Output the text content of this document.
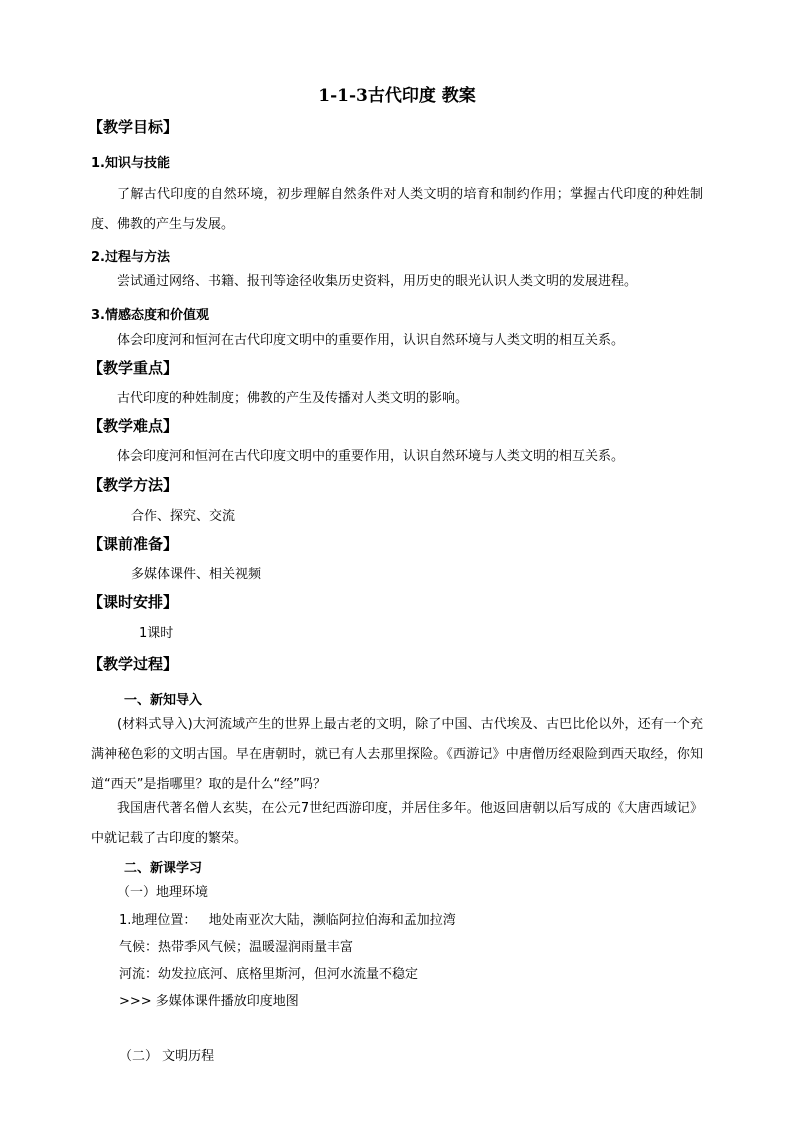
1-1-3古代印度 教案
【教学目标】
1.知识与技能
了解古代印度的自然环境，初步理解自然条件对人类文明的培育和制约作用；掌握古代印度的种姓制度、佛教的产生与发展。
2.过程与方法
尝试通过网络、书籍、报刊等途径收集历史资料，用历史的眼光认识人类文明的发展进程。
3.情感态度和价值观
体会印度河和恒河在古代印度文明中的重要作用，认识自然环境与人类文明的相互关系。
【教学重点】
古代印度的种姓制度；佛教的产生及传播对人类文明的影响。
【教学难点】
体会印度河和恒河在古代印度文明中的重要作用，认识自然环境与人类文明的相互关系。
【教学方法】
合作、探究、交流
【课前准备】
多媒体课件、相关视频
【课时安排】
1课时
【教学过程】
一、新知导入
(材料式导入)大河流域产生的世界上最古老的文明，除了中国、古代埃及、古巴比伦以外，还有一个充满神秘色彩的文明古国。早在唐朝时，就已有人去那里探险。《西游记》中唐僧历经艰险到西天取经，你知道“西天”是指哪里？取的是什么“经”吗？
我国唐代著名僧人玄奘，在公元7世纪西游印度，并居住多年。他返回唐朝以后写成的《大唐西域记》中就记载了古印度的繁荣。
二、新课学习
（一）地理环境
1.地理位置：   地处南亚次大陆，濒临阿拉伯海和孟加拉湾
气候：热带季风气候；温暖湿润雨量丰富
河流：幼发拉底河、底格里斯河，但河水流量不稳定
>>> 多媒体课件播放印度地图
（二） 文明历程
